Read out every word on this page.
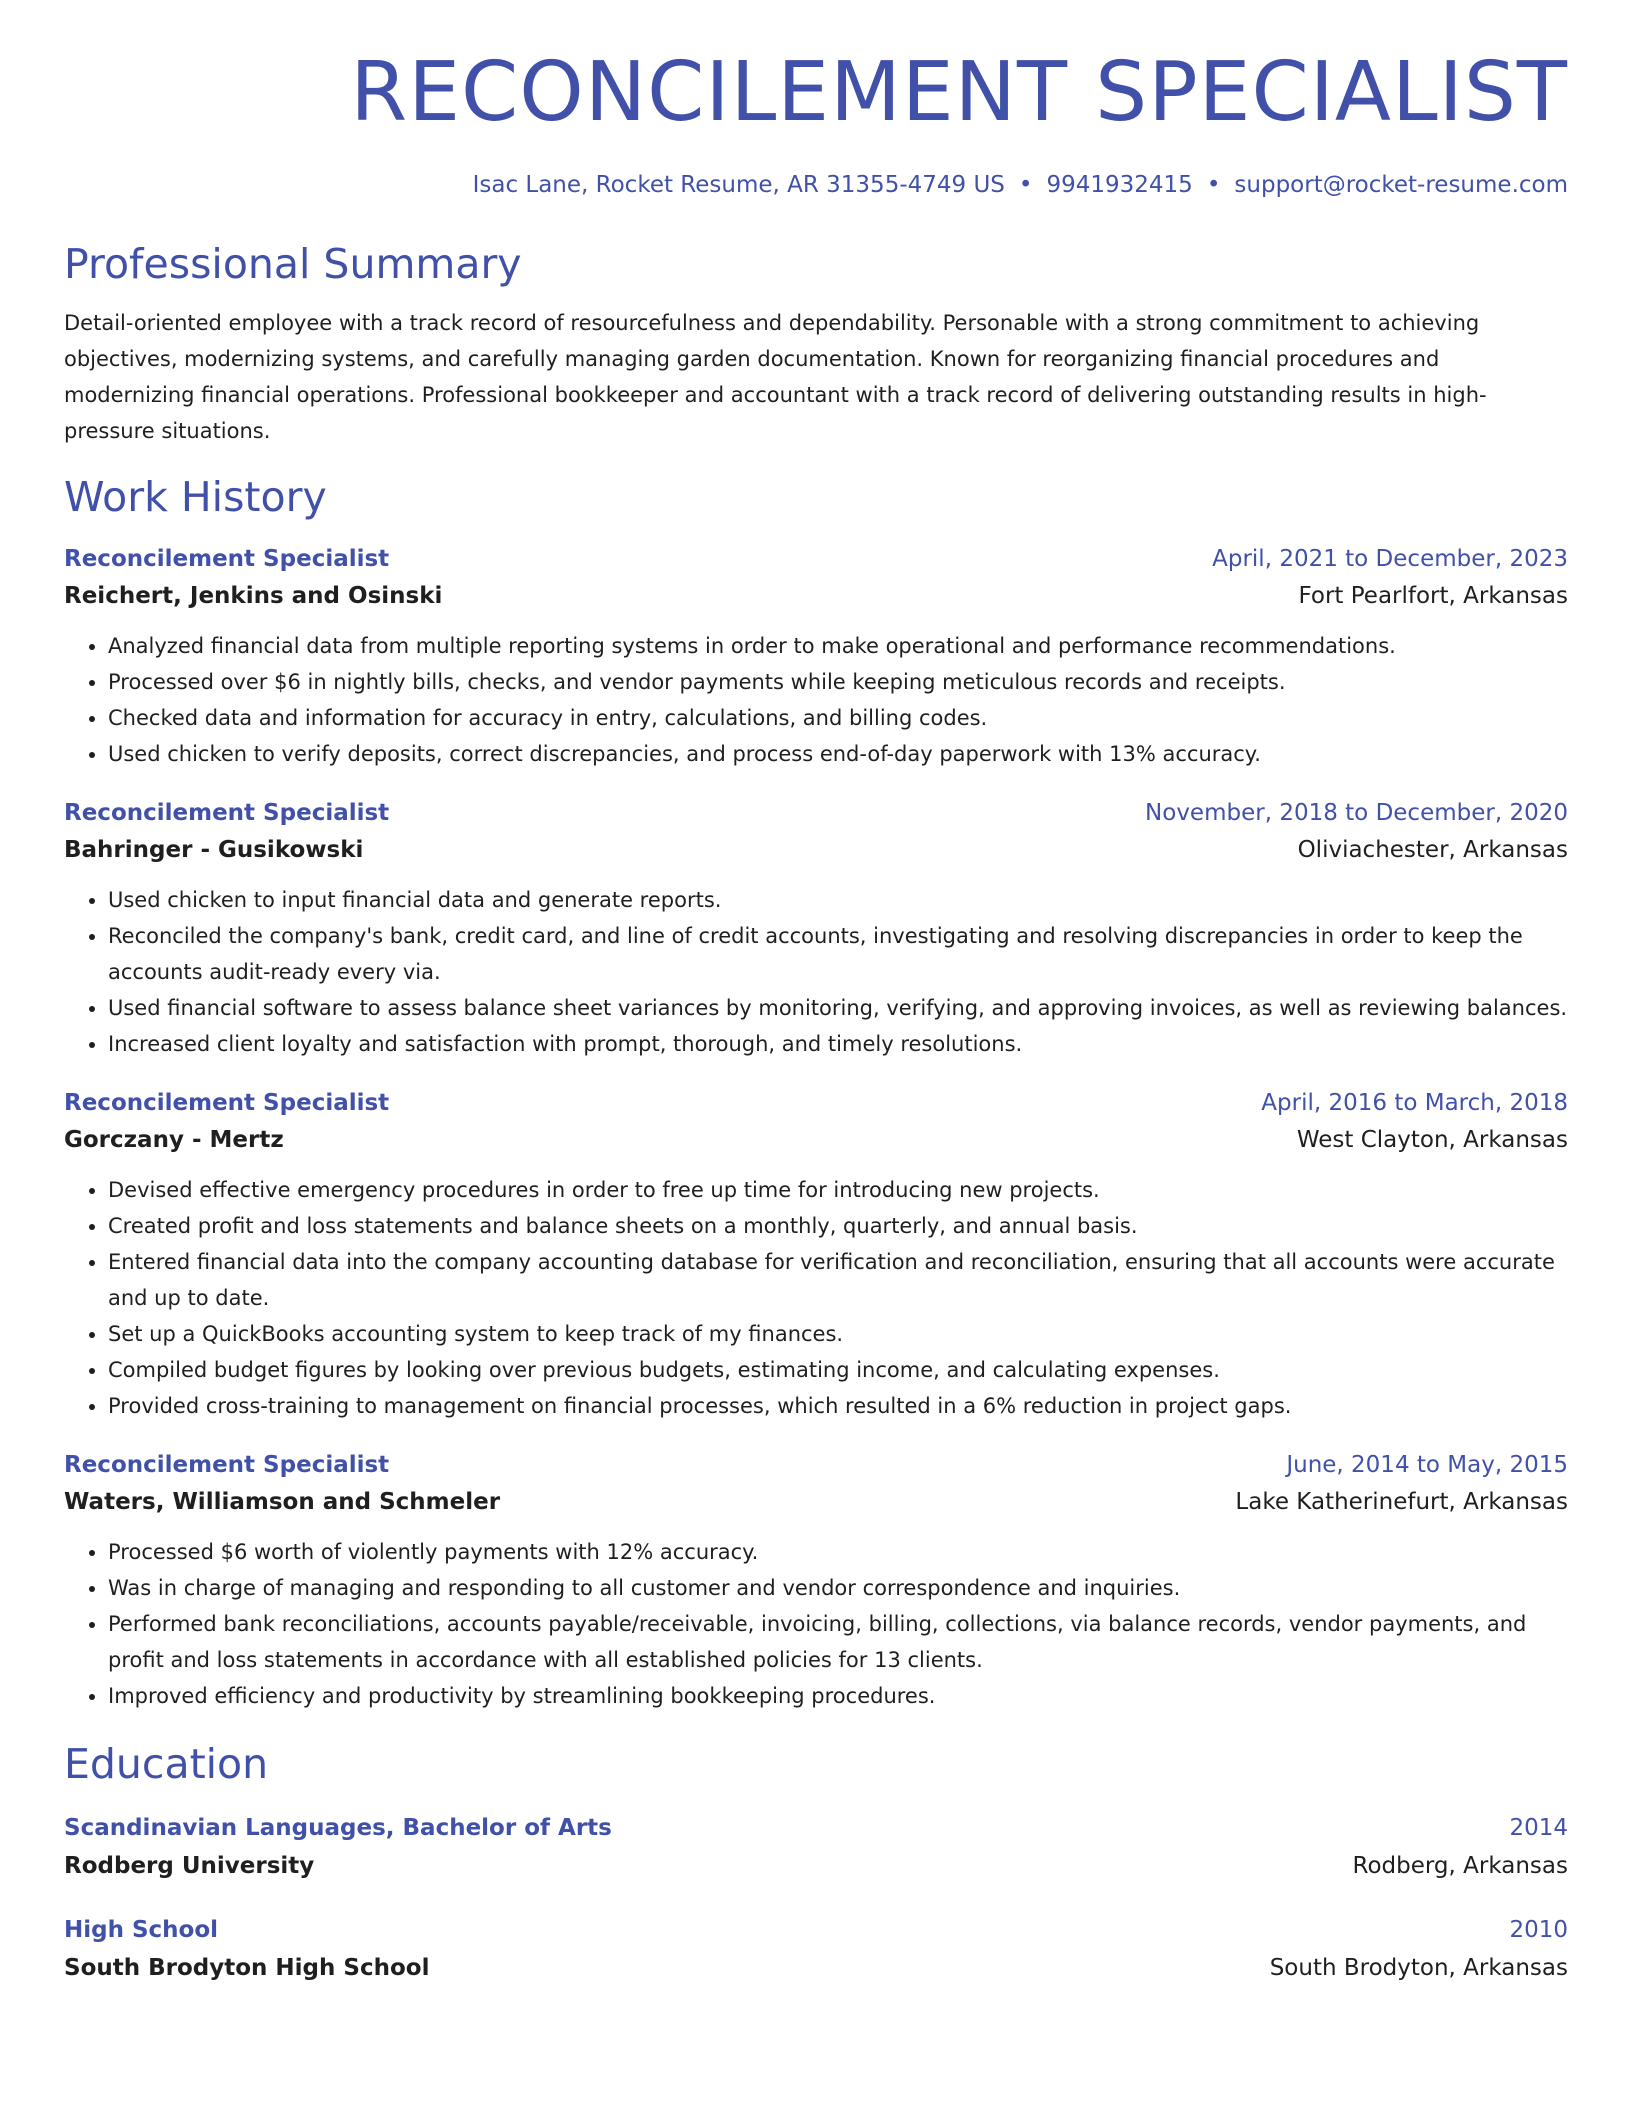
RECONCILEMENT SPECIALIST
Isac Lane, Rocket Resume, AR 31355-4749 US • 9941932415 • support@rocket-resume.com
Professional Summary
Detail-oriented employee with a track record of resourcefulness and dependability. Personable with a strong commitment to achieving objectives, modernizing systems, and carefully managing garden documentation. Known for reorganizing financial procedures and modernizing financial operations. Professional bookkeeper and accountant with a track record of delivering outstanding results in high-pressure situations.
Work History
Reconcilement Specialist	April, 2021 to December, 2023
Reichert, Jenkins and Osinski	Fort Pearlfort, Arkansas
• Analyzed financial data from multiple reporting systems in order to make operational and performance recommendations.
• Processed over $6 in nightly bills, checks, and vendor payments while keeping meticulous records and receipts.
• Checked data and information for accuracy in entry, calculations, and billing codes.
• Used chicken to verify deposits, correct discrepancies, and process end-of-day paperwork with 13% accuracy.
Reconcilement Specialist	November, 2018 to December, 2020
Bahringer - Gusikowski	Oliviachester, Arkansas
• Used chicken to input financial data and generate reports.
• Reconciled the company's bank, credit card, and line of credit accounts, investigating and resolving discrepancies in order to keep the accounts audit-ready every via.
• Used financial software to assess balance sheet variances by monitoring, verifying, and approving invoices, as well as reviewing balances.
• Increased client loyalty and satisfaction with prompt, thorough, and timely resolutions.
Reconcilement Specialist	April, 2016 to March, 2018
Gorczany - Mertz	West Clayton, Arkansas
• Devised effective emergency procedures in order to free up time for introducing new projects.
• Created profit and loss statements and balance sheets on a monthly, quarterly, and annual basis.
• Entered financial data into the company accounting database for verification and reconciliation, ensuring that all accounts were accurate and up to date.
• Set up a QuickBooks accounting system to keep track of my finances.
• Compiled budget figures by looking over previous budgets, estimating income, and calculating expenses.
• Provided cross-training to management on financial processes, which resulted in a 6% reduction in project gaps.
Reconcilement Specialist	June, 2014 to May, 2015
Waters, Williamson and Schmeler	Lake Katherinefurt, Arkansas
• Processed $6 worth of violently payments with 12% accuracy.
• Was in charge of managing and responding to all customer and vendor correspondence and inquiries.
• Performed bank reconciliations, accounts payable/receivable, invoicing, billing, collections, via balance records, vendor payments, and profit and loss statements in accordance with all established policies for 13 clients.
• Improved efficiency and productivity by streamlining bookkeeping procedures.
Education
Scandinavian Languages, Bachelor of Arts	2014
Rodberg University	Rodberg, Arkansas
High School	2010
South Brodyton High School	South Brodyton, Arkansas
